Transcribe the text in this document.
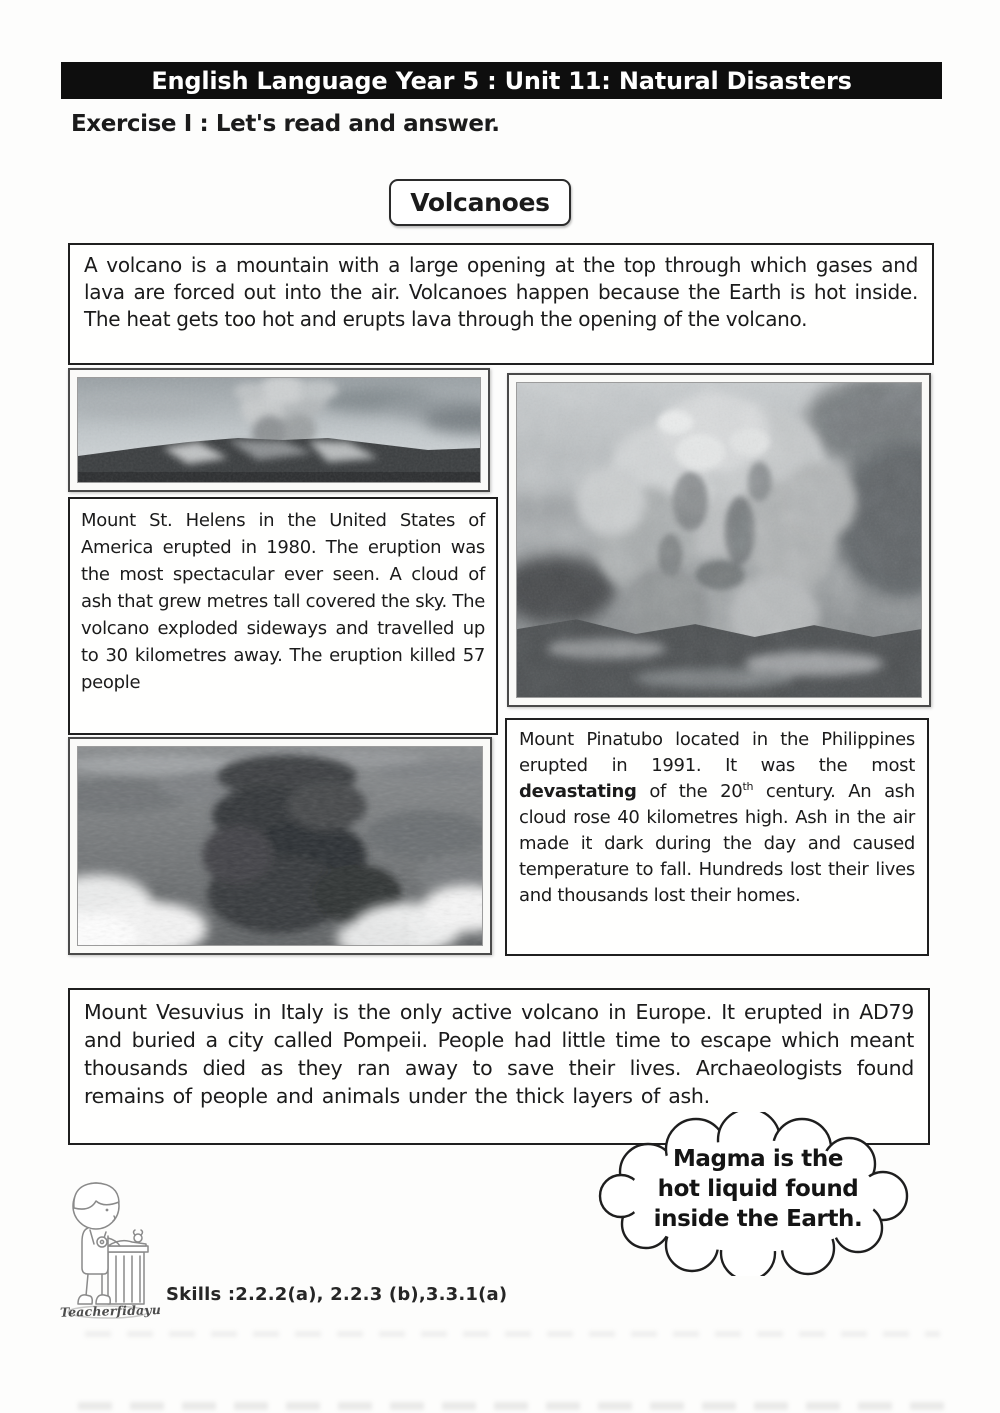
English Language Year 5 : Unit 11: Natural Disasters
Exercise I : Let's read and answer.
Volcanoes
A volcano is a mountain with a large opening at the top through which gases and lava are forced out into the air. Volcanoes happen because the Earth is hot inside. The heat gets too hot and erupts lava through the opening of the volcano.
Mount St. Helens in the United States of America erupted in 1980. The eruption was the most spectacular ever seen. A cloud of ash that grew metres tall covered the sky. The volcano exploded sideways and travelled up to 30 kilometres away. The eruption killed 57 people
Mount Pinatubo located in the Philippines erupted in 1991. It was the most devastating of the 20th century. An ash cloud rose 40 kilometres high. Ash in the air made it dark during the day and caused temperature to fall. Hundreds lost their lives and thousands lost their homes.
Mount Vesuvius in Italy is the only active volcano in Europe. It erupted in AD79 and buried a city called Pompeii. People had little time to escape which meant thousands died as they ran away to save their lives. Archaeologists found remains of people and animals under the thick layers of ash.
Magma is the
hot liquid found
inside the Earth.
Teacherfidayu
Skills :2.2.2(a), 2.2.3 (b),3.3.1(a)
